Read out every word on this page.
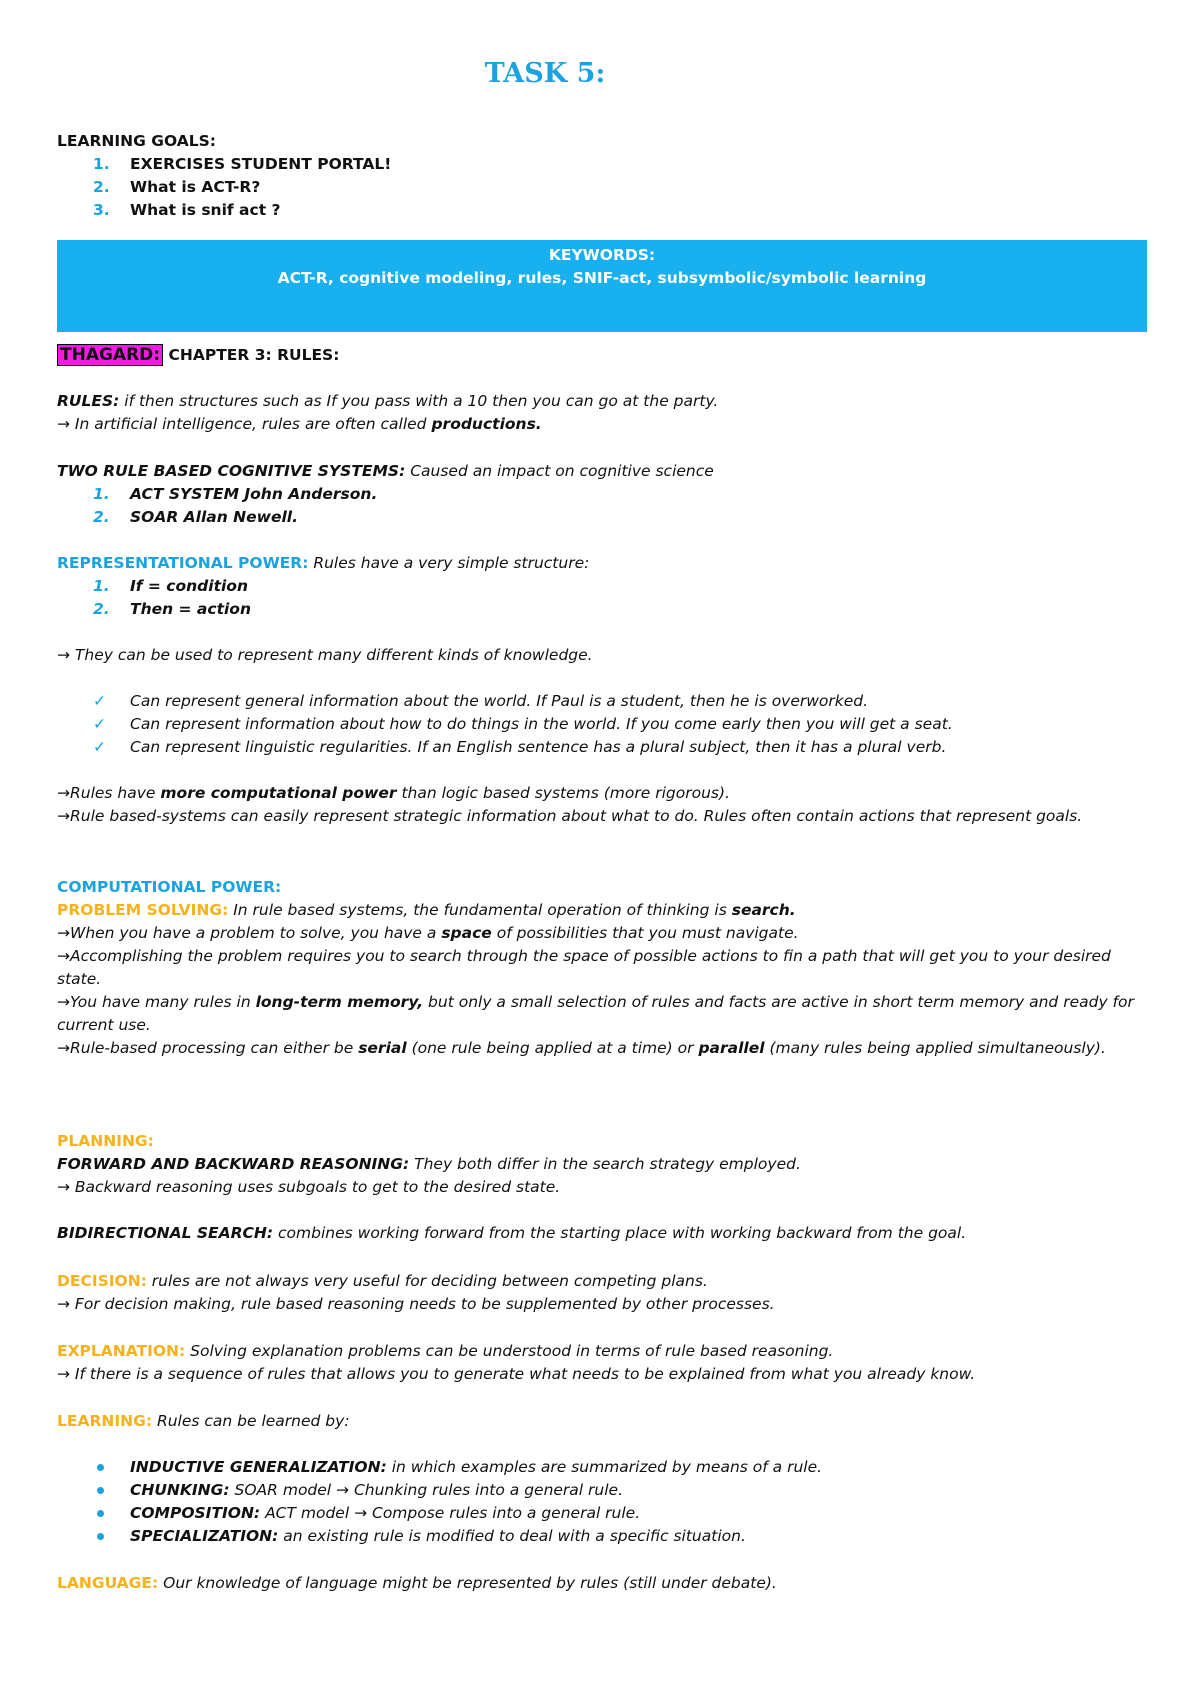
TASK 5:
LEARNING GOALS:
1. EXERCISES STUDENT PORTAL!
2. What is ACT-R?
3. What is snif act ?
KEYWORDS:
ACT-R, cognitive modeling, rules, SNIF-act, subsymbolic/symbolic learning
THAGARD: CHAPTER 3: RULES:
RULES: if then structures such as If you pass with a 10 then you can go at the party.
→ In artificial intelligence, rules are often called productions.
TWO RULE BASED COGNITIVE SYSTEMS: Caused an impact on cognitive science
1. ACT SYSTEM John Anderson.
2. SOAR Allan Newell.
REPRESENTATIONAL POWER: Rules have a very simple structure:
1. If = condition
2. Then = action
→ They can be used to represent many different kinds of knowledge.
✓ Can represent general information about the world. If Paul is a student, then he is overworked.
✓ Can represent information about how to do things in the world. If you come early then you will get a seat.
✓ Can represent linguistic regularities. If an English sentence has a plural subject, then it has a plural verb.
→Rules have more computational power than logic based systems (more rigorous).
→Rule based-systems can easily represent strategic information about what to do. Rules often contain actions that represent goals.
COMPUTATIONAL POWER:
PROBLEM SOLVING: In rule based systems, the fundamental operation of thinking is search.
→When you have a problem to solve, you have a space of possibilities that you must navigate.
→Accomplishing the problem requires you to search through the space of possible actions to fin a path that will get you to your desired state.
→You have many rules in long-term memory, but only a small selection of rules and facts are active in short term memory and ready for current use.
→Rule-based processing can either be serial (one rule being applied at a time) or parallel (many rules being applied simultaneously).
PLANNING:
FORWARD AND BACKWARD REASONING: They both differ in the search strategy employed.
→ Backward reasoning uses subgoals to get to the desired state.
BIDIRECTIONAL SEARCH: combines working forward from the starting place with working backward from the goal.
DECISION: rules are not always very useful for deciding between competing plans.
→ For decision making, rule based reasoning needs to be supplemented by other processes.
EXPLANATION: Solving explanation problems can be understood in terms of rule based reasoning.
→ If there is a sequence of rules that allows you to generate what needs to be explained from what you already know.
LEARNING: Rules can be learned by:
INDUCTIVE GENERALIZATION: in which examples are summarized by means of a rule.
CHUNKING: SOAR model → Chunking rules into a general rule.
COMPOSITION: ACT model → Compose rules into a general rule.
SPECIALIZATION: an existing rule is modified to deal with a specific situation.
LANGUAGE: Our knowledge of language might be represented by rules (still under debate).
